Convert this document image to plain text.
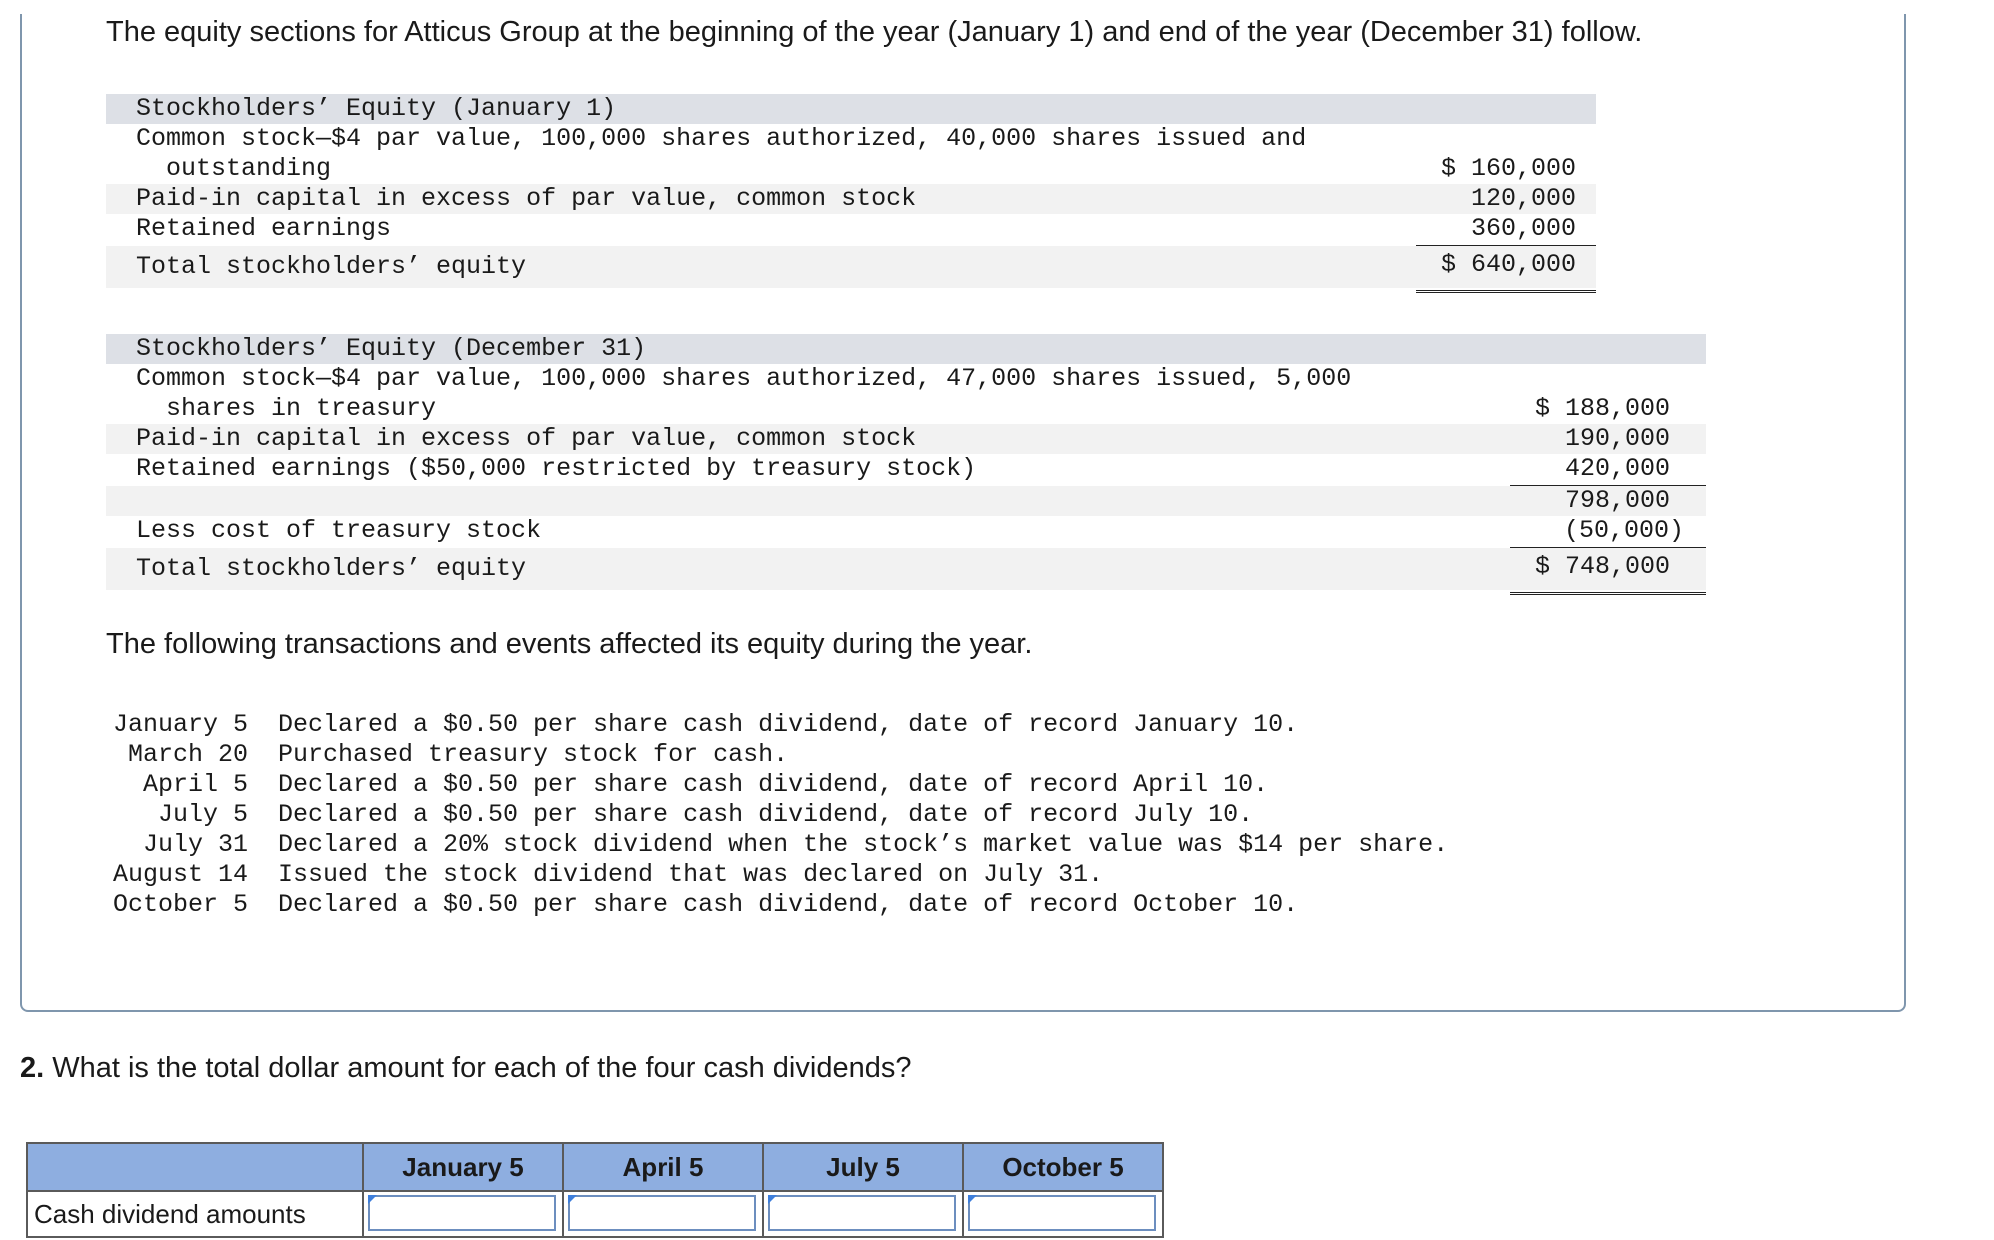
The equity sections for Atticus Group at the beginning of the year (January 1) and end of the year (December 31) follow.
Stockholders’ Equity (January 1)
Common stock—$4 par value, 100,000 shares authorized, 40,000 shares issued and
outstanding	$ 160,000
Paid-in capital in excess of par value, common stock	120,000
Retained earnings	360,000
Total stockholders’ equity	$ 640,000
Stockholders’ Equity (December 31)
Common stock—$4 par value, 100,000 shares authorized, 47,000 shares issued, 5,000
shares in treasury	$ 188,000
Paid-in capital in excess of par value, common stock	190,000
Retained earnings ($50,000 restricted by treasury stock)	420,000
798,000
Less cost of treasury stock	(50,000)
Total stockholders’ equity	$ 748,000
The following transactions and events affected its equity during the year.
January 5 Declared a $0.50 per share cash dividend, date of record January 10.
March 20 Purchased treasury stock for cash.
April 5 Declared a $0.50 per share cash dividend, date of record April 10.
July 5 Declared a $0.50 per share cash dividend, date of record July 10.
July 31 Declared a 20% stock dividend when the stock’s market value was $14 per share.
August 14 Issued the stock dividend that was declared on July 31.
October 5 Declared a $0.50 per share cash dividend, date of record October 10.
2. What is the total dollar amount for each of the four cash dividends?
	January 5	April 5	July 5	October 5
Cash dividend amounts	
